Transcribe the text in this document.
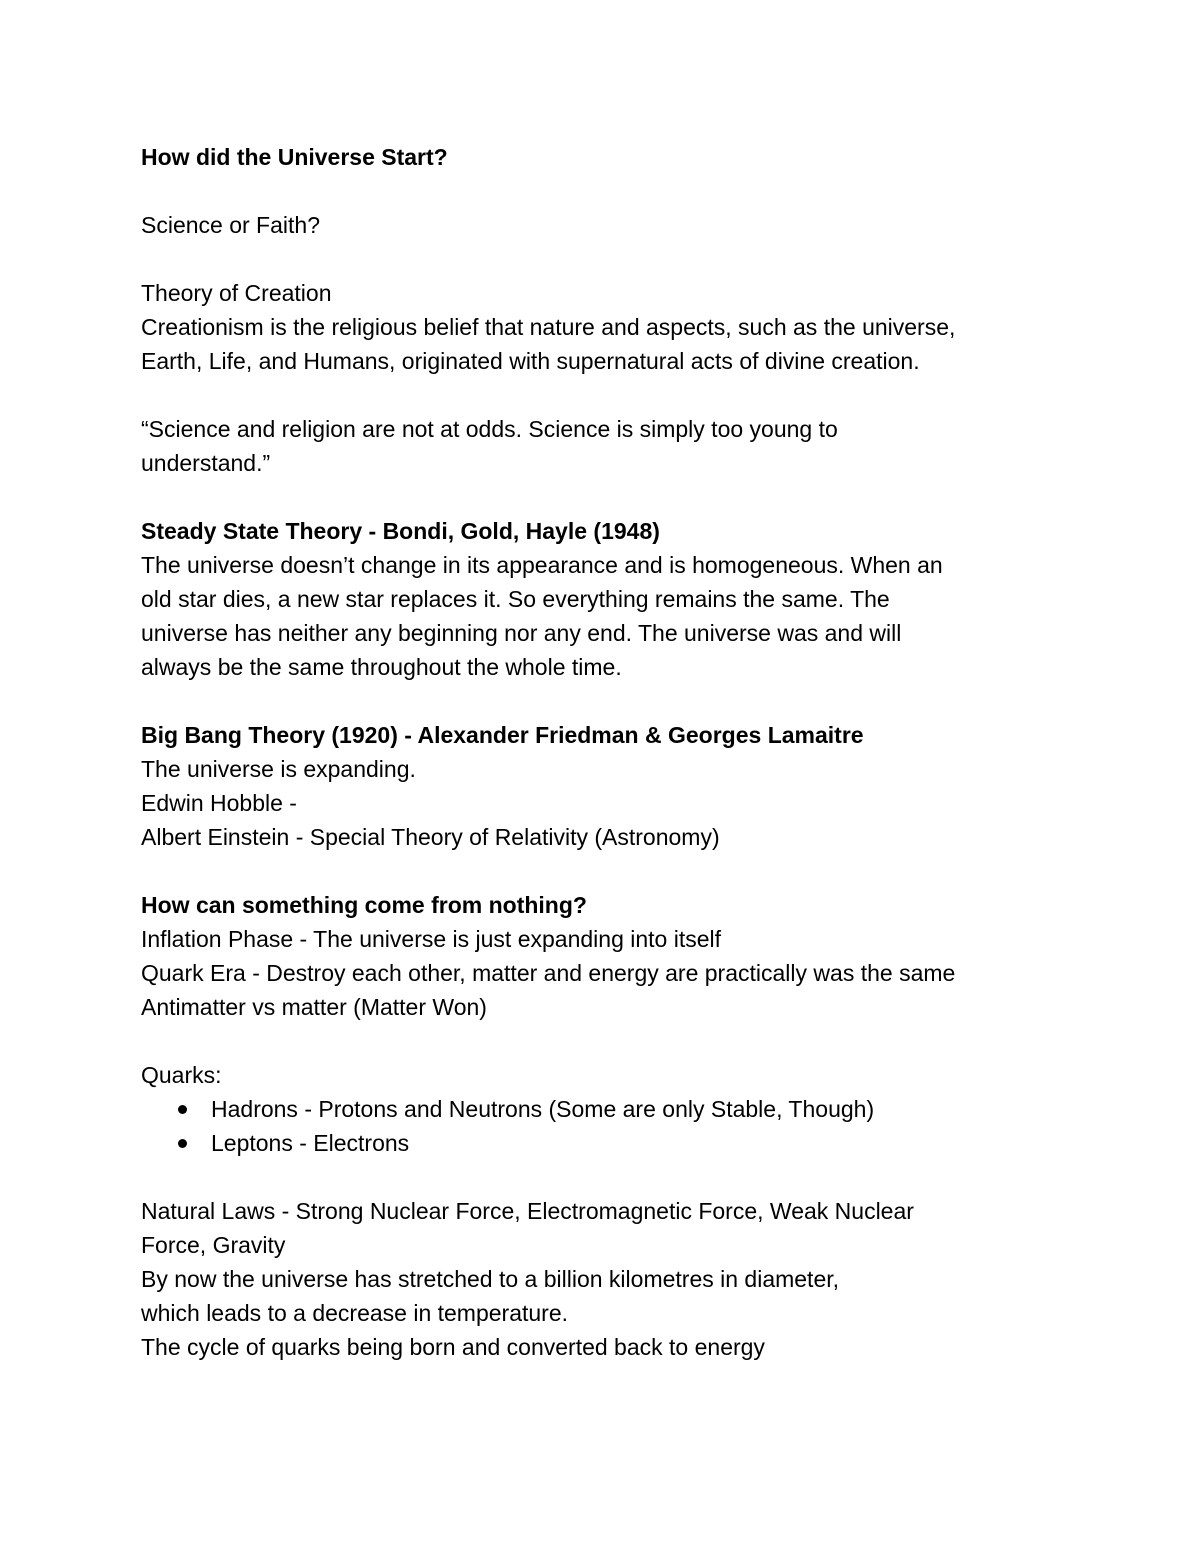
How did the Universe Start?
Science or Faith?
Theory of Creation
Creationism is the religious belief that nature and aspects, such as the universe,
Earth, Life, and Humans, originated with supernatural acts of divine creation.
“Science and religion are not at odds. Science is simply too young to
understand.”
Steady State Theory - Bondi, Gold, Hayle (1948)
The universe doesn’t change in its appearance and is homogeneous. When an
old star dies, a new star replaces it. So everything remains the same. The
universe has neither any beginning nor any end. The universe was and will
always be the same throughout the whole time.
Big Bang Theory (1920) - Alexander Friedman & Georges Lamaitre
The universe is expanding.
Edwin Hobble -
Albert Einstein - Special Theory of Relativity (Astronomy)
How can something come from nothing?
Inflation Phase - The universe is just expanding into itself
Quark Era - Destroy each other, matter and energy are practically was the same
Antimatter vs matter (Matter Won)
Quarks:
Hadrons - Protons and Neutrons (Some are only Stable, Though)
Leptons - Electrons
Natural Laws - Strong Nuclear Force, Electromagnetic Force, Weak Nuclear
Force, Gravity
By now the universe has stretched to a billion kilometres in diameter,
which leads to a decrease in temperature.
The cycle of quarks being born and converted back to energy
